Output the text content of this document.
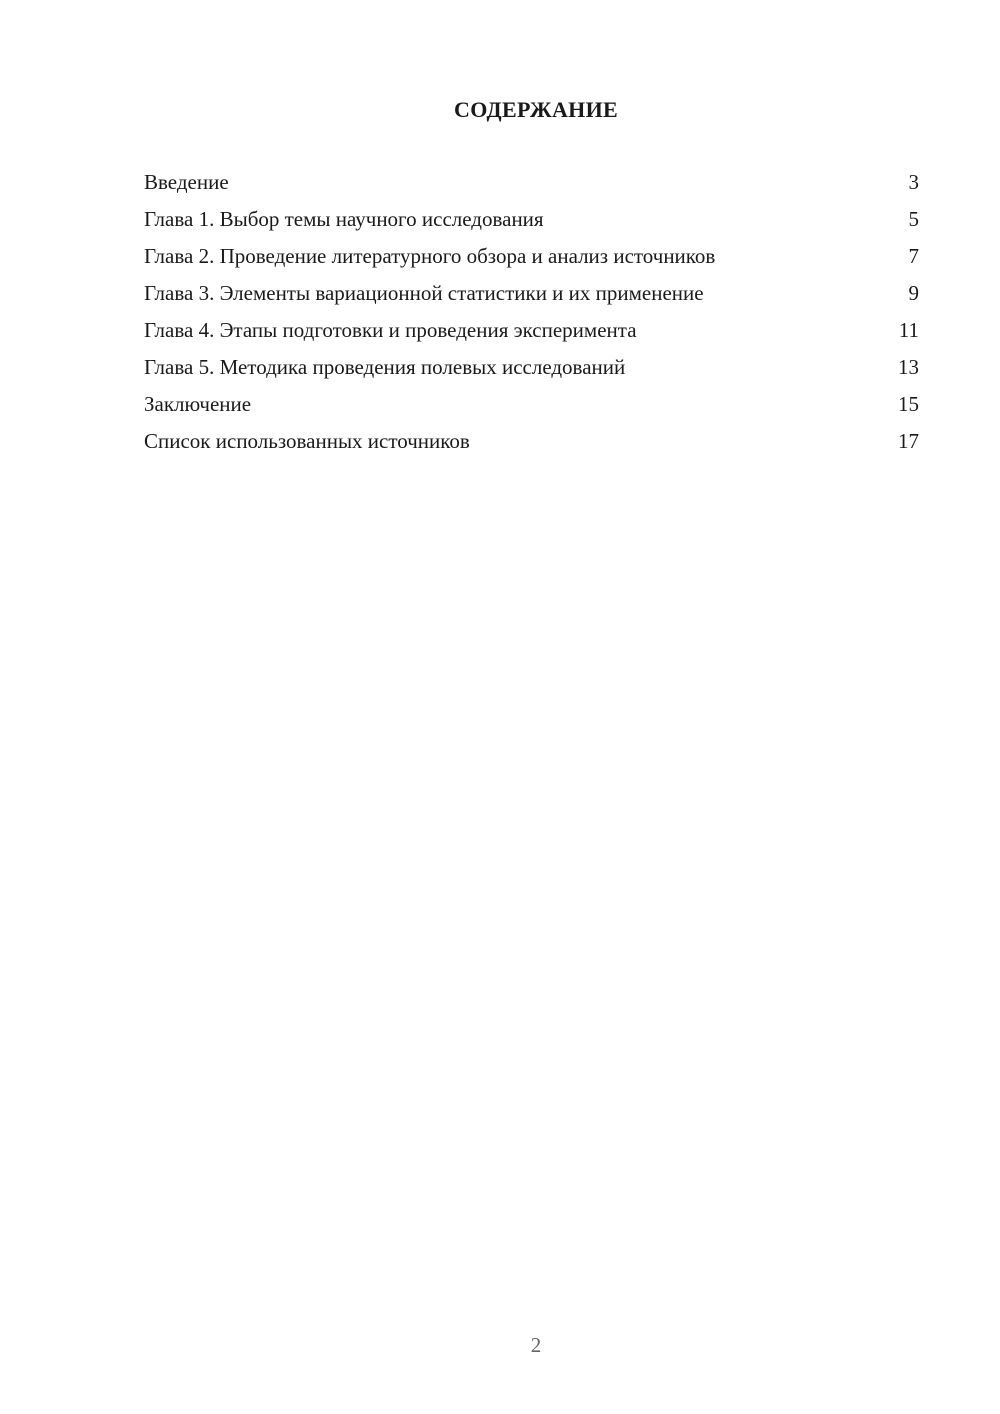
СОДЕРЖАНИЕ
Введение	3
Глава 1. Выбор темы научного исследования	5
Глава 2. Проведение литературного обзора и анализ источников	7
Глава 3. Элементы вариационной статистики и их применение	9
Глава 4. Этапы подготовки и проведения эксперимента	11
Глава 5. Методика проведения полевых исследований	13
Заключение	15
Список использованных источников	17
2
